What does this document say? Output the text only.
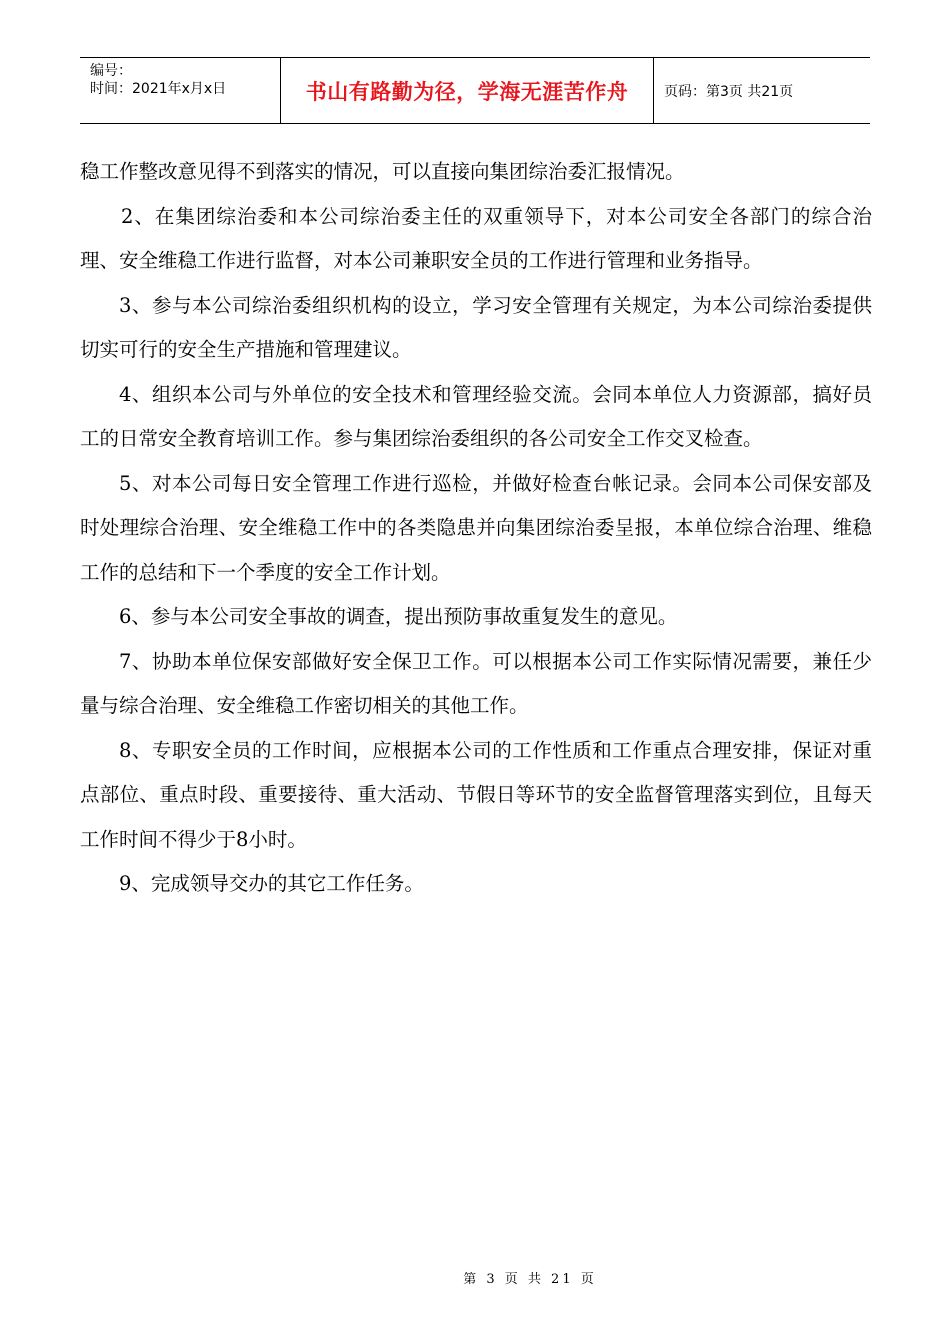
编号：
时间：2021年x月x日	书山有路勤为径，学海无涯苦作舟	页码：第3页 共21页

稳工作整改意见得不到落实的情况，可以直接向集团综治委汇报情况。

2、在集团综治委和本公司综治委主任的双重领导下，对本公司安全各部门的综合治理、安全维稳工作进行监督，对本公司兼职安全员的工作进行管理和业务指导。

3、参与本公司综治委组织机构的设立，学习安全管理有关规定，为本公司综治委提供切实可行的安全生产措施和管理建议。

4、组织本公司与外单位的安全技术和管理经验交流。会同本单位人力资源部，搞好员工的日常安全教育培训工作。参与集团综治委组织的各公司安全工作交叉检查。

5、对本公司每日安全管理工作进行巡检，并做好检查台帐记录。会同本公司保安部及时处理综合治理、安全维稳工作中的各类隐患并向集团综治委呈报，本单位综合治理、维稳工作的总结和下一个季度的安全工作计划。

6、参与本公司安全事故的调查，提出预防事故重复发生的意见。

7、协助本单位保安部做好安全保卫工作。可以根据本公司工作实际情况需要，兼任少量与综合治理、安全维稳工作密切相关的其他工作。

8、专职安全员的工作时间，应根据本公司的工作性质和工作重点合理安排，保证对重点部位、重点时段、重要接待、重大活动、节假日等环节的安全监督管理落实到位，且每天工作时间不得少于8小时。

9、完成领导交办的其它工作任务。

第 3 页 共 21 页
